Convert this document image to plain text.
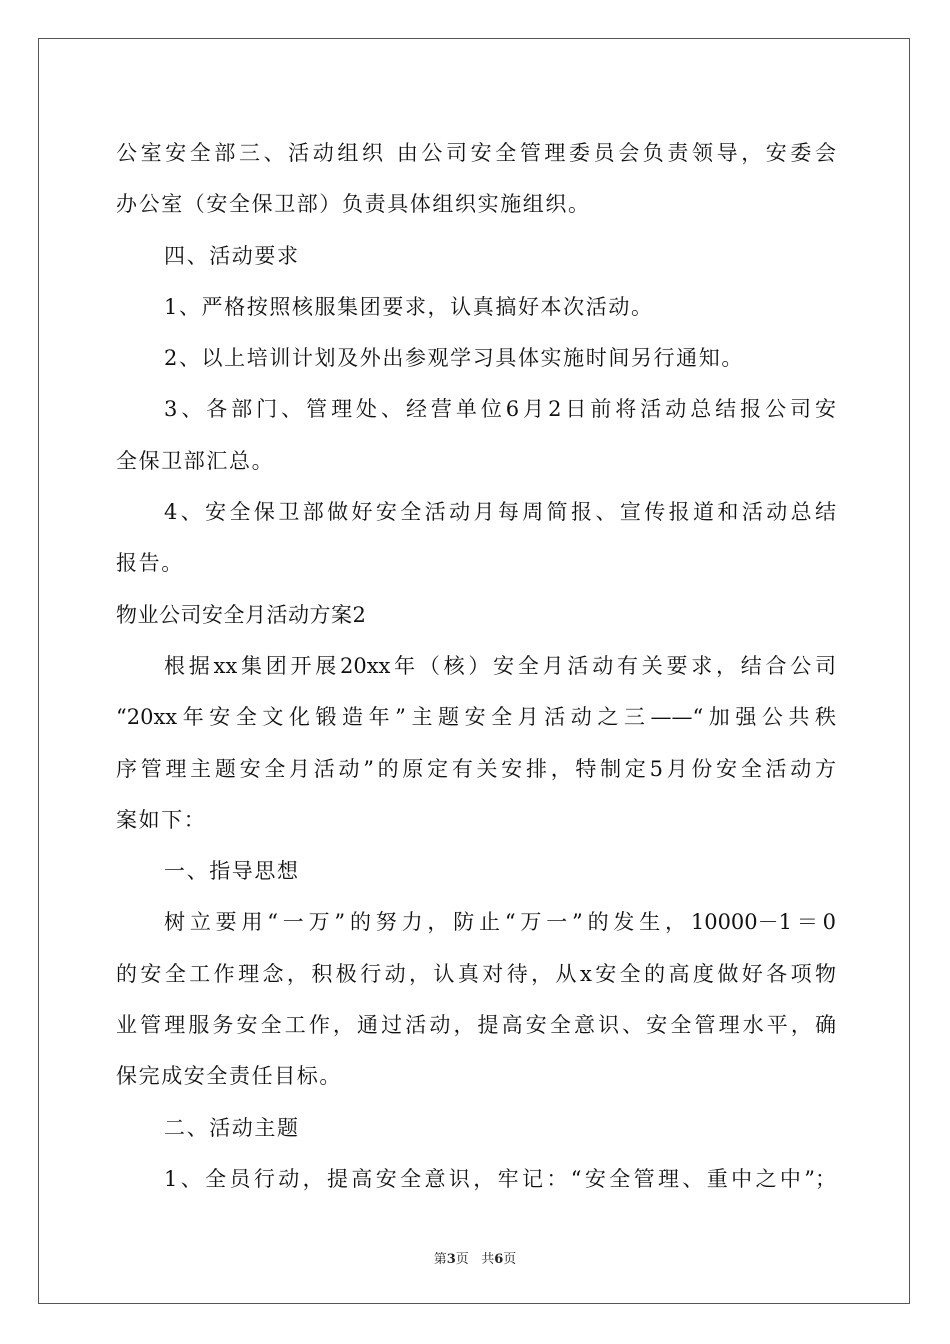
公室安全部三、活动组织 由公司安全管理委员会负责领导，安委会
办公室（安全保卫部）负责具体组织实施组织。
四、活动要求
1、严格按照核服集团要求，认真搞好本次活动。
2、以上培训计划及外出参观学习具体实施时间另行通知。
3、各部门、管理处、经营单位6月2日前将活动总结报公司安
全保卫部汇总。
4、安全保卫部做好安全活动月每周简报、宣传报道和活动总结
报告。
物业公司安全月活动方案2
根据xx集团开展20xx年（核）安全月活动有关要求，结合公司
“20xx年安全文化锻造年”主题安全月活动之三——“加强公共秩
序管理主题安全月活动”的原定有关安排，特制定5月份安全活动方
案如下：
一、指导思想
树立要用“一万”的努力，防止“万一”的发生，10000－1＝0
的安全工作理念，积极行动，认真对待，从x安全的高度做好各项物
业管理服务安全工作，通过活动，提高安全意识、安全管理水平，确
保完成安全责任目标。
二、活动主题
1、全员行动，提高安全意识，牢记：“安全管理、重中之中”；
第3页 共6页
